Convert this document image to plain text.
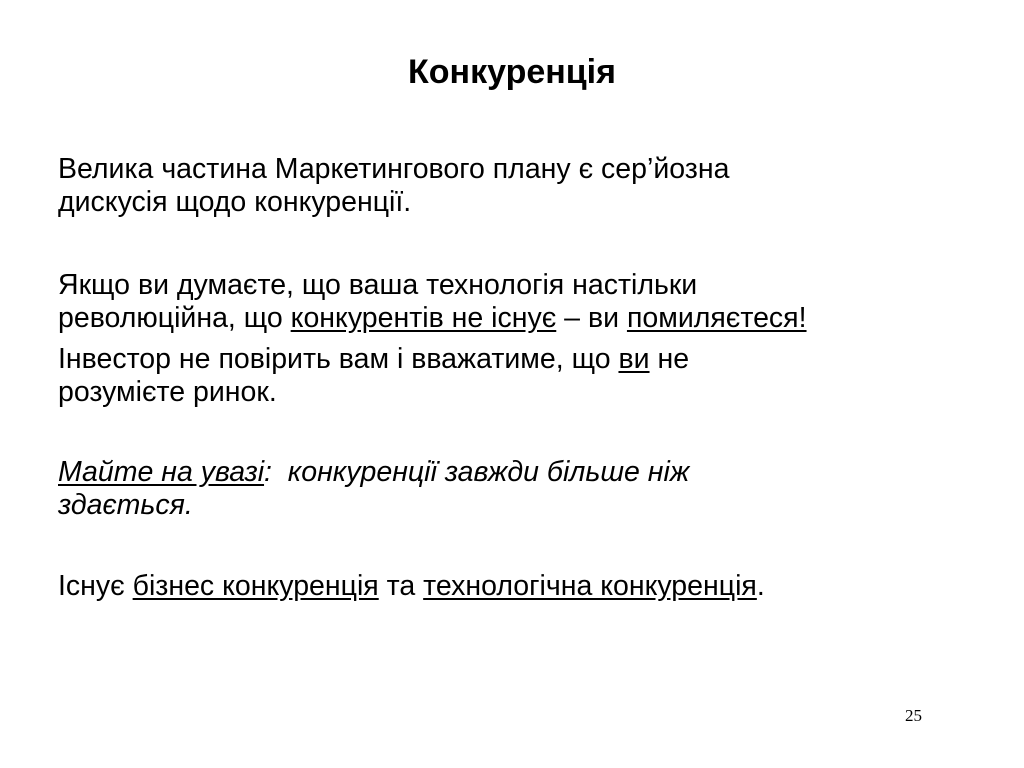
Конкуренція

Велика частина Маркетингового плану є сер’йозна
дискусія щодо конкуренції.

Якщо ви думаєте, що ваша технологія настільки
революційна, що конкурентів не існує – ви помиляєтеся!

Інвестор не повірить вам і вважатиме, що ви не
розумієте ринок.

Майте на увазі:  конкуренції завжди більше ніж
здається.

Існує бізнес конкуренція та технологічна конкуренція.

25
